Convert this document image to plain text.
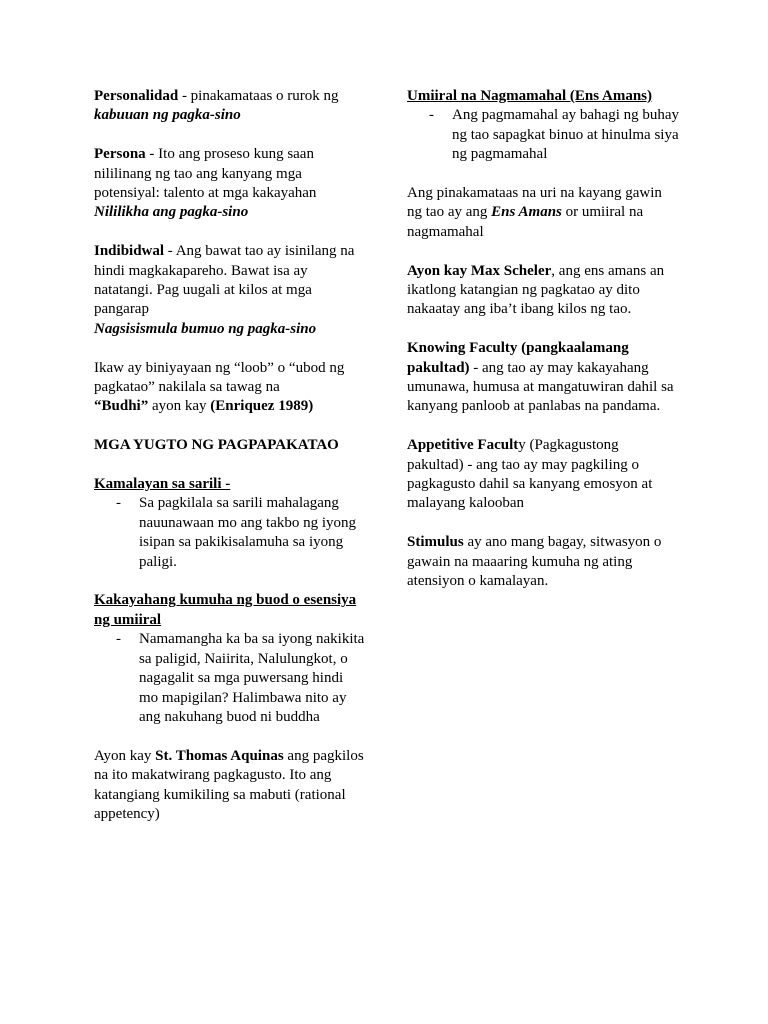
Personalidad - pinakamataas o rurok ng kabuuan ng pagka-sino

Persona - Ito ang proseso kung saan nililinang ng tao ang kanyang mga potensiyal: talento at mga kakayahan
Nililikha ang pagka-sino

Indibidwal - Ang bawat tao ay isinilang na hindi magkakapareho. Bawat isa ay natatangi. Pag uugali at kilos at mga pangarap
Nagsisismula bumuo ng pagka-sino

Ikaw ay biniyayaan ng “loob” o “ubod ng pagkatao” nakilala sa tawag na
“Budhi” ayon kay (Enriquez 1989)

MGA YUGTO NG PAGPAPAKATAO

Kamalayan sa sarili -

- Sa pagkilala sa sarili mahalagang nauunawaan mo ang takbo ng iyong isipan sa pakikisalamuha sa iyong paligi.

Kakayahang kumuha ng buod o esensiya ng umiiral

- Namamangha ka ba sa iyong nakikita sa paligid, Naiirita, Nalulungkot, o nagagalit sa mga puwersang hindi mo mapigilan? Halimbawa nito ay ang nakuhang buod ni buddha

Ayon kay St. Thomas Aquinas ang pagkilos na ito makatwirang pagkagusto. Ito ang katangiang kumikiling sa mabuti (rational appetency)

Umiiral na Nagmamahal (Ens Amans)

- Ang pagmamahal ay bahagi ng buhay ng tao sapagkat binuo at hinulma siya ng pagmamahal

Ang pinakamataas na uri na kayang gawin ng tao ay ang Ens Amans or umiiral na nagmamahal

Ayon kay Max Scheler, ang ens amans an ikatlong katangian ng pagkatao ay dito nakaatay ang iba’t ibang kilos ng tao.

Knowing Faculty (pangkaalamang pakultad) - ang tao ay may kakayahang umunawa, humusa at mangatuwiran dahil sa kanyang panloob at panlabas na pandama.

Appetitive Faculty (Pagkagustong pakultad) - ang tao ay may pagkiling o pagkagusto dahil sa kanyang emosyon at malayang kalooban

Stimulus ay ano mang bagay, sitwasyon o gawain na maaaring kumuha ng ating atensiyon o kamalayan.
